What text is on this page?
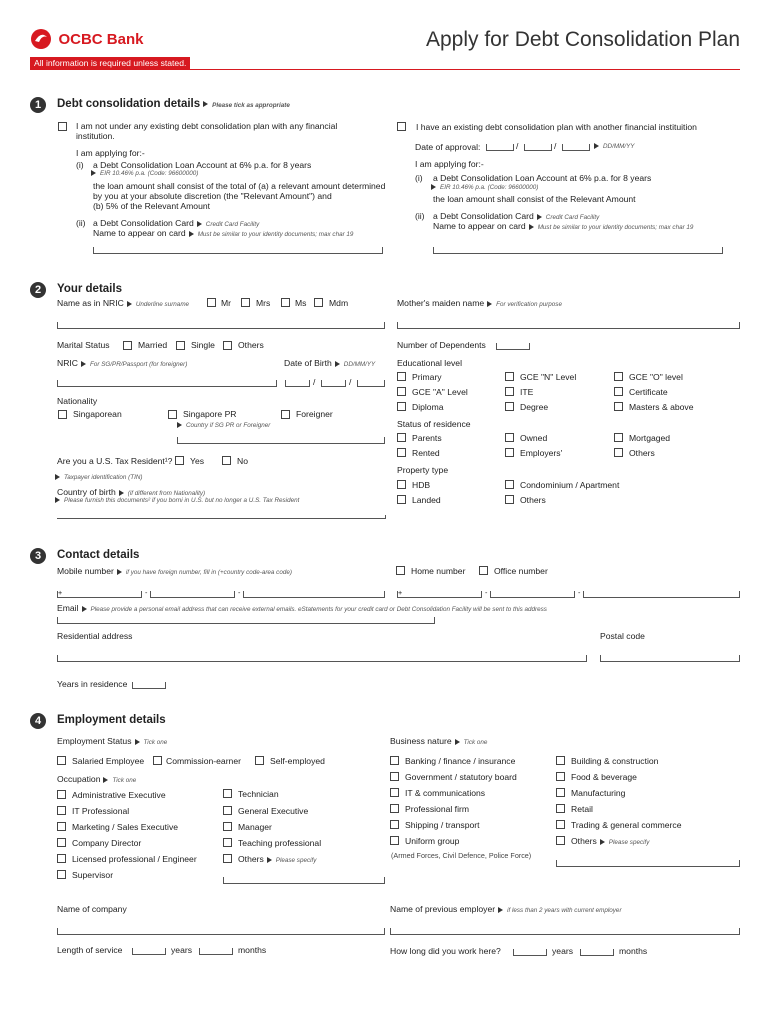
OCBC Bank	Apply for Debt Consolidation Plan
All information is required unless stated.
1	Debt consolidation details Please tick as appropriate
I am not under any existing debt consolidation plan with any financial
institution.
I am applying for:-
(i) a Debt Consolidation Loan Account at 6% p.a. for 8 years
EIR 10.46% p.a. (Code: 96600000)
the loan amount shall consist of the total of (a) a relevant amount determined
by you at your absolute discretion (the "Relevant Amount") and
(b) 5% of the Relevant Amount
(ii) a Debt Consolidation Card Credit Card Facility
Name to appear on card Must be similar to your identity documents; max char 19
I have an existing debt consolidation plan with another financial instituition
Date of approval:	/	/	DD/MM/YY
I am applying for:-
(i) a Debt Consolidation Loan Account at 6% p.a. for 8 years
EIR 10.46% p.a. (Code: 96600000)
the loan amount shall consist of the Relevant Amount
(ii) a Debt Consolidation Card Credit Card Facility
Name to appear on card Must be similar to your identity documents; max char 19
2	Your details
Name as in NRIC Underline surname	Mr	Mrs	Ms	Mdm	Mother's maiden name For verification purpose
Marital Status	Married	Single	Others	Number of Dependents
NRIC For SG/PR/Passport (for foreigner)	Date of Birth DD/MM/YY
/	/
Nationality
Singaporean	Singapore PR	Foreigner
Country if SG PR or Foreigner
Are you a U.S. Tax Resident¹? Yes	No
Taxpayer identification (TIN)
Country of birth (if different from Nationality)
Please furnish this documents² if you borni in U.S. but no longer a U.S. Tax Resident
Educational level
Primary	GCE "N" Level	GCE "O" level
GCE "A" Level	ITE	Certificate
Diploma	Degree	Masters & above
Status of residence
Parents	Owned	Mortgaged
Rented	Employers'	Others
Property type
HDB	Condominium / Apartment
Landed	Others
3	Contact details
Mobile number if you have foreign number, fill in (+country code-area code)	Home number	Office number
+	-	-	+	-	-
Email Please provide a personal email address that can receive external emails. eStatements for your credit card or Debt Consolidation Facility will be sent to this address
Residential address	Postal code
Years in residence
4	Employment details
Employment Status Tick one	Business nature Tick one
Salaried Employee	Commission-earner	Self-employed
Occupation Tick one
Administrative Executive
IT Professional
Marketing / Sales Executive
Company Director
Licensed professional / Engineer
Supervisor
Technician
General Executive
Manager
Teaching professional
Others Please specify
Banking / finance / insurance
Government / statutory board
IT & communications
Professional firm
Shipping / transport
Uniform group
(Armed Forces, Civil Defence, Police Force)
Building & construction
Food & beverage
Manufacturing
Retail
Trading & general commerce
Others Please specify
Name of company	Name of previous employer if less than 2 years with current employer
Length of service	years	months	How long did you work here?	years	months
